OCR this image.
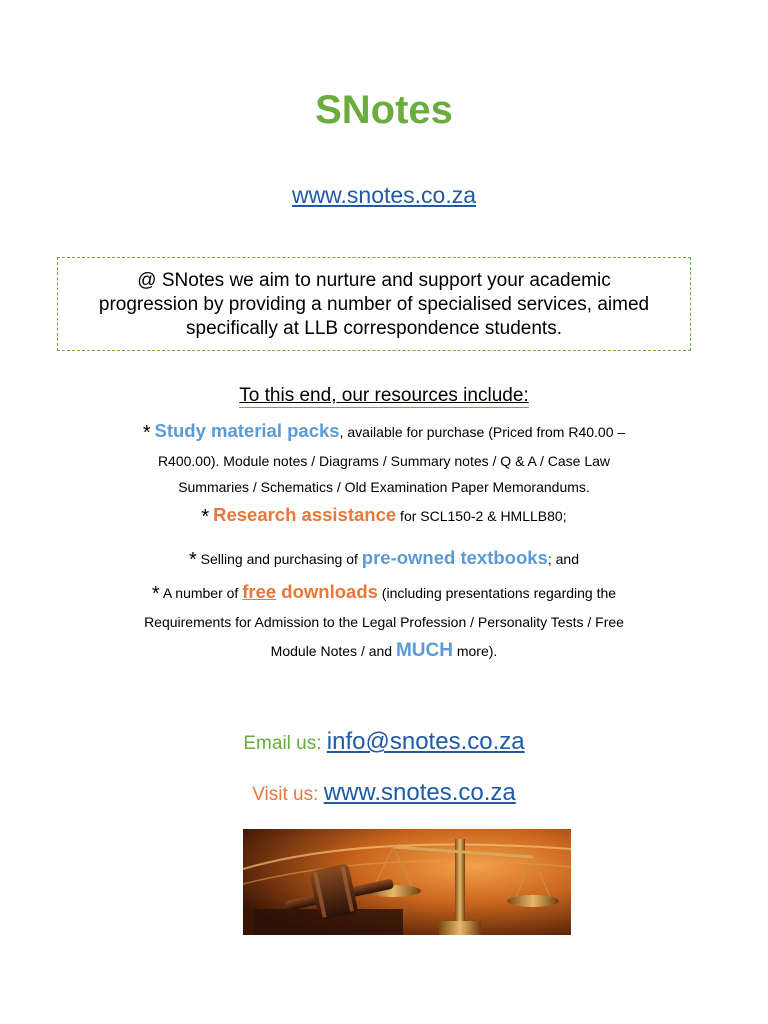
SNotes
www.snotes.co.za
@ SNotes we aim to nurture and support your academic
progression by providing a number of specialised services, aimed
specifically at LLB correspondence students.
To this end, our resources include:
* Study material packs, available for purchase (Priced from R40.00 –
R400.00). Module notes / Diagrams / Summary notes / Q & A / Case Law
Summaries / Schematics / Old Examination Paper Memorandums.
* Research assistance for SCL150-2 & HMLLB80;
* Selling and purchasing of pre-owned textbooks; and
* A number of free downloads (including presentations regarding the
Requirements for Admission to the Legal Profession / Personality Tests / Free
Module Notes / and MUCH more).
Email us: info@snotes.co.za
Visit us: www.snotes.co.za
